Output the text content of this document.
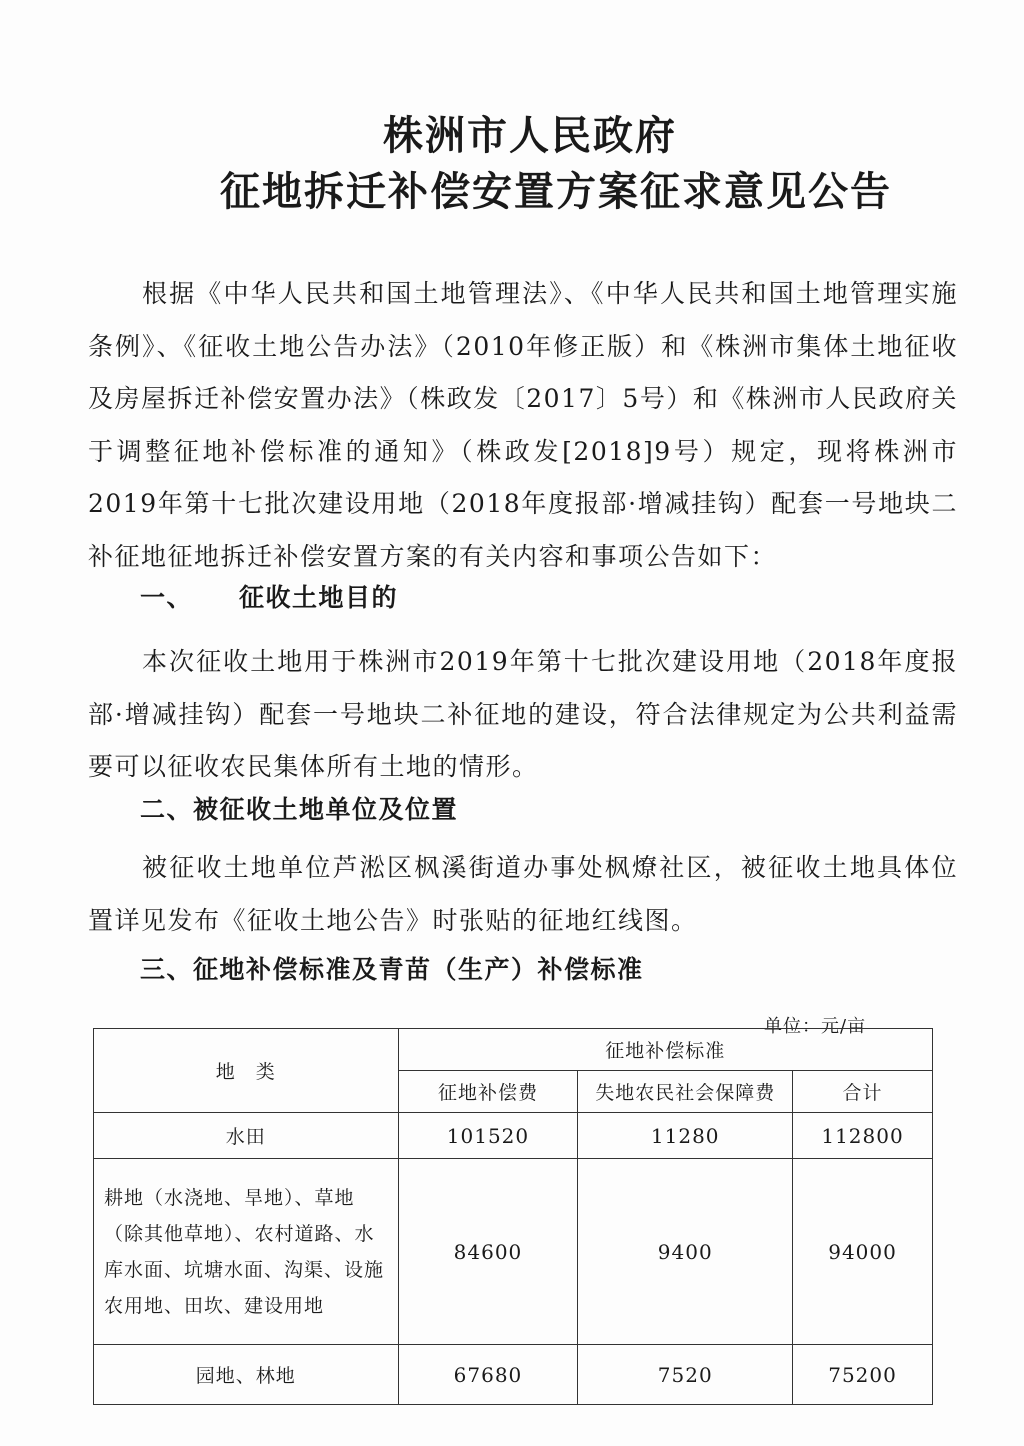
株洲市人民政府
征地拆迁补偿安置方案征求意见公告
根据《中华人民共和国土地管理法》、《中华人民共和国土地管理实施条例》、《征收土地公告办法》（2010年修正版）和《株洲市集体土地征收及房屋拆迁补偿安置办法》（株政发〔2017〕5号）和《株洲市人民政府关于调整征地补偿标准的通知》（株政发[2018]9号）规定，现将株洲市2019年第十七批次建设用地（2018年度报部·增减挂钩）配套一号地块二补征地征地拆迁补偿安置方案的有关内容和事项公告如下：
一、 征收土地目的
本次征收土地用于株洲市2019年第十七批次建设用地（2018年度报部·增减挂钩）配套一号地块二补征地的建设，符合法律规定为公共利益需要可以征收农民集体所有土地的情形。
二、被征收土地单位及位置
被征收土地单位芦淞区枫溪街道办事处枫燎社区，被征收土地具体位置详见发布《征收土地公告》时张贴的征地红线图。
三、征地补偿标准及青苗（生产）补偿标准
单位：元/亩
地　类	征地补偿标准		
	征地补偿费	失地农民社会保障费	合计
水田	101520	11280	112800
耕地（水浇地、旱地）、草地（除其他草地）、农村道路、水库水面、坑塘水面、沟渠、设施农用地、田坎、建设用地	84600	9400	94000
园地、林地	67680	7520	75200
